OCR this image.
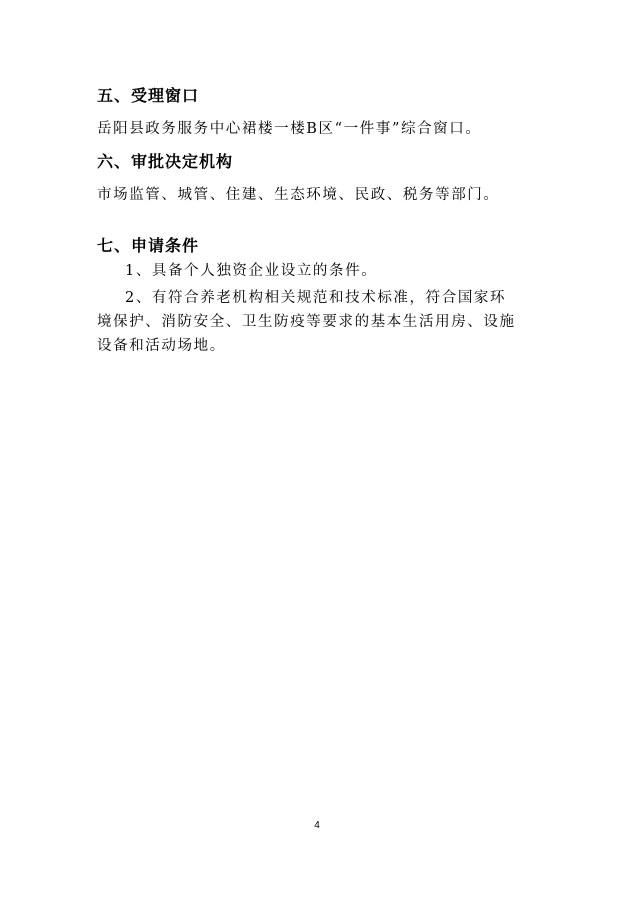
五、受理窗口
岳阳县政务服务中心裙楼一楼B区“一件事”综合窗口。
六、审批决定机构
市场监管、城管、住建、生态环境、民政、税务等部门。
七、申请条件
1、具备个人独资企业设立的条件。
2、有符合养老机构相关规范和技术标准，符合国家环
境保护、消防安全、卫生防疫等要求的基本生活用房、设施
设备和活动场地。
4
